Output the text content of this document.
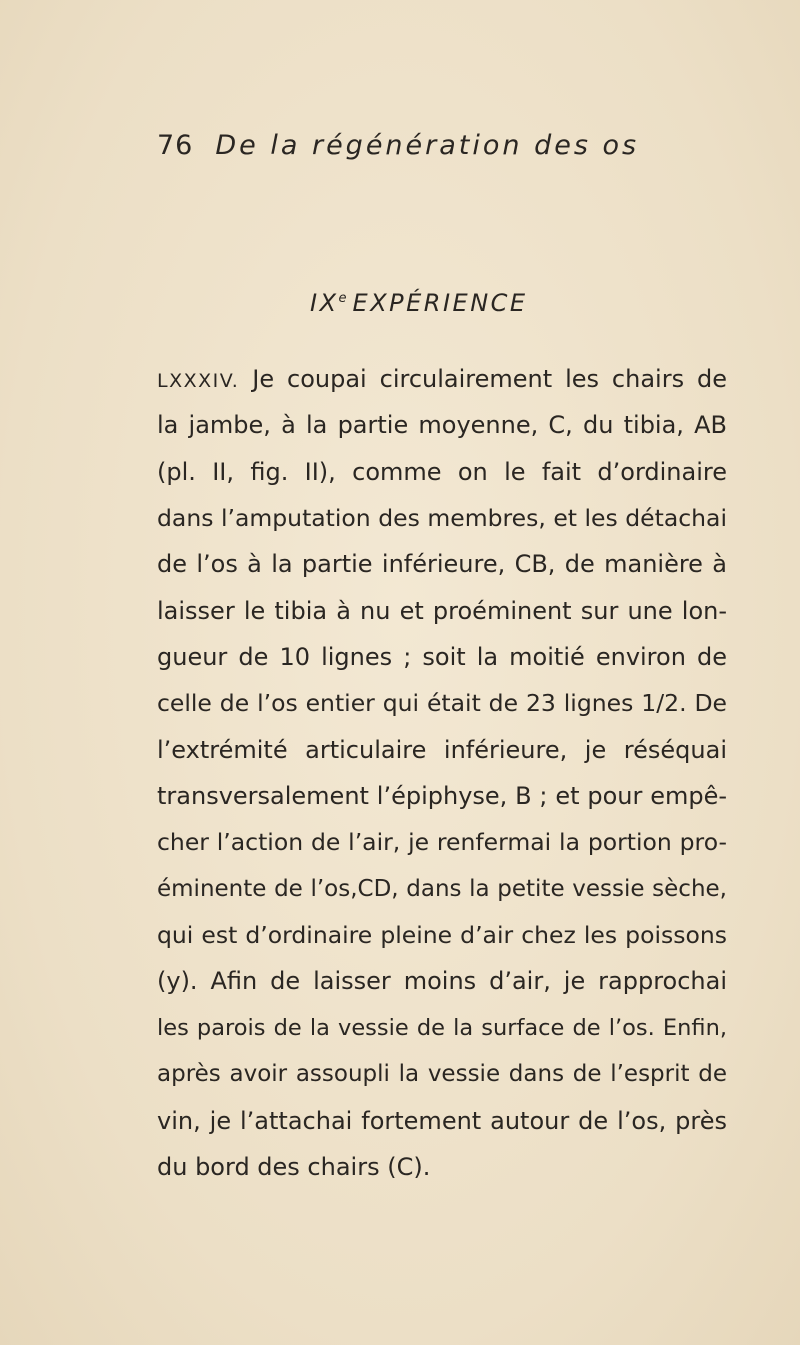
76 De la régénération des os
IXe EXPÉRIENCE
LXXXIV. Je coupai circulairement les chairs de
la jambe, à la partie moyenne, C, du tibia, AB
(pl. II, fig. II), comme on le fait d’ordinaire
dans l’amputation des membres, et les détachai
de l’os à la partie inférieure, CB, de manière à
laisser le tibia à nu et proéminent sur une lon-
gueur de 10 lignes ; soit la moitié environ de
celle de l’os entier qui était de 23 lignes 1/2. De
l’extrémité articulaire inférieure, je réséquai
transversalement l’épiphyse, B ; et pour empê-
cher l’action de l’air, je renfermai la portion pro-
éminente de l’os,CD, dans la petite vessie sèche,
qui est d’ordinaire pleine d’air chez les poissons
(y). Afin de laisser moins d’air, je rapprochai
les parois de la vessie de la surface de l’os. Enfin,
après avoir assoupli la vessie dans de l’esprit de
vin, je l’attachai fortement autour de l’os, près
du bord des chairs (C).
